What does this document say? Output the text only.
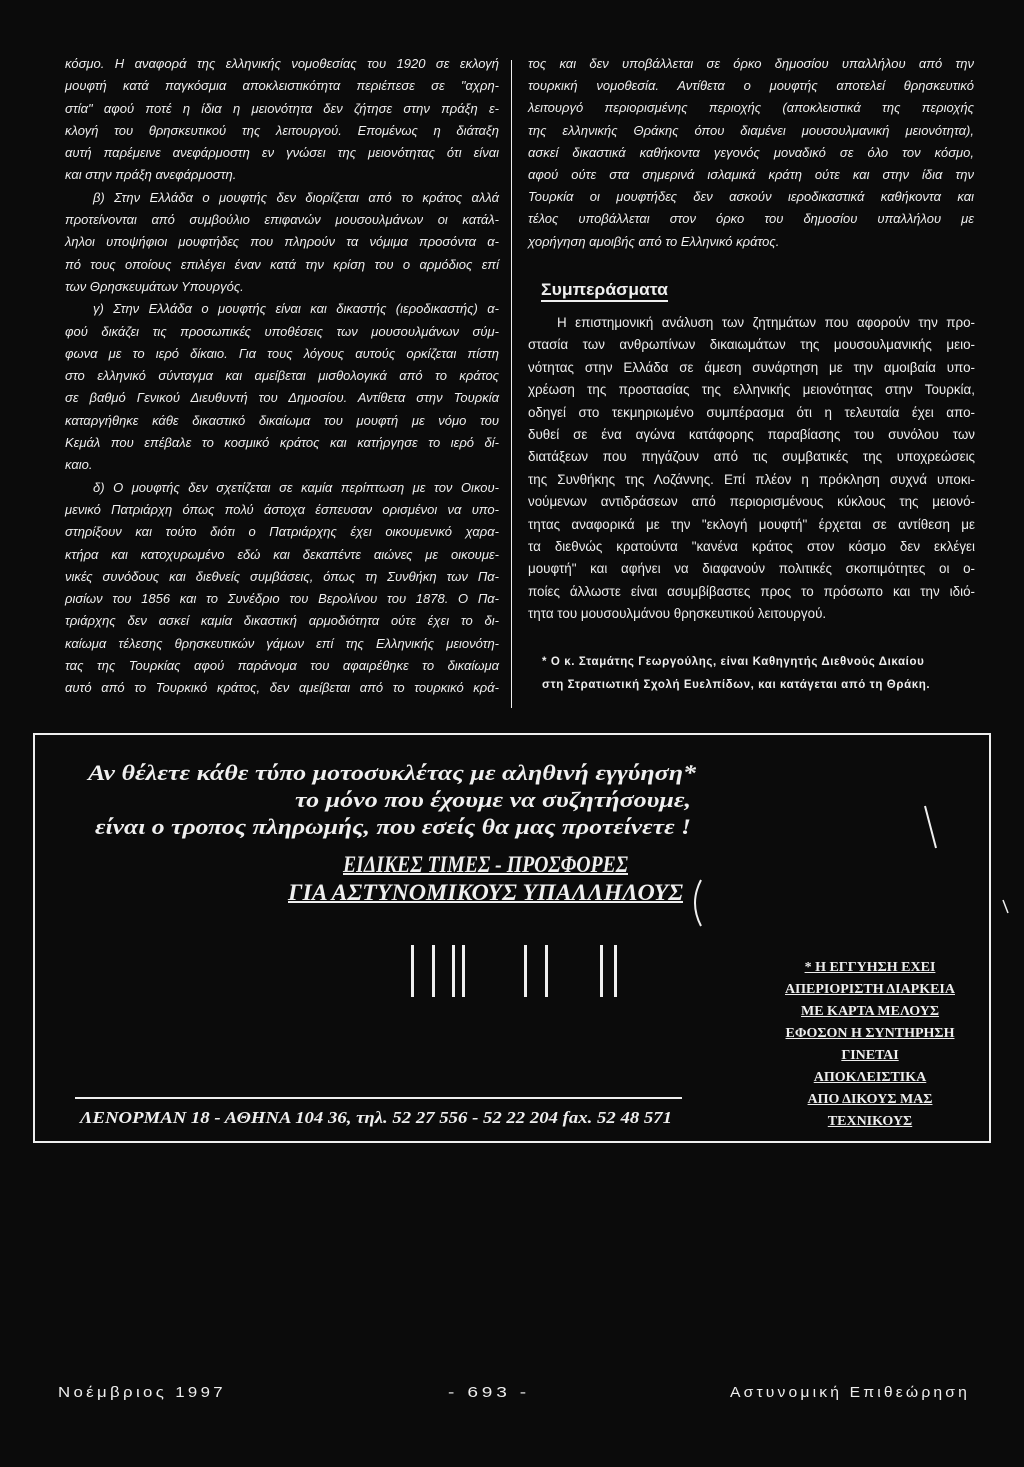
κόσμο. Η αναφορά της ελληνικής νομοθεσίας του 1920 σε εκλογή
μουφτή κατά παγκόσμια αποκλειστικότητα περιέπεσε σε "αχρη-
στία" αφού ποτέ η ίδια η μειονότητα δεν ζήτησε στην πράξη ε-
κλογή του θρησκευτικού της λειτουργού. Επομένως η διάταξη
αυτή παρέμεινε ανεφάρμοστη εν γνώσει της μειονότητας ότι είναι
και στην πράξη ανεφάρμοστη.
β) Στην Ελλάδα ο μουφτής δεν διορίζεται από το κράτος αλλά
προτείνονται από συμβούλιο επιφανών μουσουλμάνων οι κατάλ-
ληλοι υποψήφιοι μουφτήδες που πληρούν τα νόμιμα προσόντα α-
πό τους οποίους επιλέγει έναν κατά την κρίση του ο αρμόδιος επί
των Θρησκευμάτων Υπουργός.
γ) Στην Ελλάδα ο μουφτής είναι και δικαστής (ιεροδικαστής) α-
φού δικάζει τις προσωπικές υποθέσεις των μουσουλμάνων σύμ-
φωνα με το ιερό δίκαιο. Για τους λόγους αυτούς ορκίζεται πίστη
στο ελληνικό σύνταγμα και αμείβεται μισθολογικά από το κράτος
σε βαθμό Γενικού Διευθυντή του Δημοσίου. Αντίθετα στην Τουρκία
καταργήθηκε κάθε δικαστικό δικαίωμα του μουφτή με νόμο του
Κεμάλ που επέβαλε το κοσμικό κράτος και κατήργησε το ιερό δί-
καιο.
δ) Ο μουφτής δεν σχετίζεται σε καμία περίπτωση με τον Οικου-
μενικό Πατριάρχη όπως πολύ άστοχα έσπευσαν ορισμένοι να υπο-
στηρίξουν και τούτο διότι ο Πατριάρχης έχει οικουμενικό χαρα-
κτήρα και κατοχυρωμένο εδώ και δεκαπέντε αιώνες με οικουμε-
νικές συνόδους και διεθνείς συμβάσεις, όπως τη Συνθήκη των Πα-
ρισίων του 1856 και το Συνέδριο του Βερολίνου του 1878. Ο Πα-
τριάρχης δεν ασκεί καμία δικαστική αρμοδιότητα ούτε έχει το δι-
καίωμα τέλεσης θρησκευτικών γάμων επί της Ελληνικής μειονότη-
τας της Τουρκίας αφού παράνομα του αφαιρέθηκε το δικαίωμα
αυτό από το Τουρκικό κράτος, δεν αμείβεται από το τουρκικό κρά-
τος και δεν υποβάλλεται σε όρκο δημοσίου υπαλλήλου από την
τουρκική νομοθεσία. Αντίθετα ο μουφτής αποτελεί θρησκευτικό
λειτουργό περιορισμένης περιοχής (αποκλειστικά της περιοχής
της ελληνικής Θράκης όπου διαμένει μουσουλμανική μειονότητα),
ασκεί δικαστικά καθήκοντα γεγονός μοναδικό σε όλο τον κόσμο,
αφού ούτε στα σημερινά ισλαμικά κράτη ούτε και στην ίδια την
Τουρκία οι μουφτήδες δεν ασκούν ιεροδικαστικά καθήκοντα και
τέλος υποβάλλεται στον όρκο του δημοσίου υπαλλήλου με
χορήγηση αμοιβής από το Ελληνικό κράτος.
Συμπεράσματα
Η επιστημονική ανάλυση των ζητημάτων που αφορούν την προ-
στασία των ανθρωπίνων δικαιωμάτων της μουσουλμανικής μειο-
νότητας στην Ελλάδα σε άμεση συνάρτηση με την αμοιβαία υπο-
χρέωση της προστασίας της ελληνικής μειονότητας στην Τουρκία,
οδηγεί στο τεκμηριωμένο συμπέρασμα ότι η τελευταία έχει απο-
δυθεί σε ένα αγώνα κατάφορης παραβίασης του συνόλου των
διατάξεων που πηγάζουν από τις συμβατικές της υποχρεώσεις
της Συνθήκης της Λοζάννης. Επί πλέον η πρόκληση συχνά υποκι-
νούμενων αντιδράσεων από περιορισμένους κύκλους της μειονό-
τητας αναφορικά με την "εκλογή μουφτή" έρχεται σε αντίθεση με
τα διεθνώς κρατούντα "κανένα κράτος στον κόσμο δεν εκλέγει
μουφτή" και αφήνει να διαφανούν πολιτικές σκοπιμότητες οι ο-
ποίες άλλωστε είναι ασυμβίβαστες προς το πρόσωπο και την ιδιό-
τητα του μουσουλμάνου θρησκευτικού λειτουργού.
* Ο κ. Σταμάτης Γεωργούλης, είναι Καθηγητής Διεθνούς Δικαίου
στη Στρατιωτική Σχολή Ευελπίδων, και κατάγεται από τη Θράκη.
Αν θέλετε κάθε τύπο μοτοσυκλέτας με αληθινή εγγύηση*
το μόνο που έχουμε να συζητήσουμε,
είναι ο τροπος πληρωμής, που εσείς θα μας προτείνετε !
ΕΙΔΙΚΕΣ ΤΙΜΕΣ - ΠΡΟΣΦΟΡΕΣ
ΓΙΑ ΑΣΤΥΝΟΜΙΚΟΥΣ ΥΠΑΛΛΗΛΟΥΣ
* Η ΕΓΓΥΗΣΗ ΕΧΕΙ
ΑΠΕΡΙΟΡΙΣΤΗ ΔΙΑΡΚΕΙΑ
ΜΕ ΚΑΡΤΑ ΜΕΛΟΥΣ
ΕΦΟΣΟΝ Η ΣΥΝΤΗΡΗΣΗ
ΓΙΝΕΤΑΙ
ΑΠΟΚΛΕΙΣΤΙΚΑ
ΑΠΟ ΔΙΚΟΥΣ ΜΑΣ
ΤΕΧΝΙΚΟΥΣ
ΛΕΝΟΡΜΑΝ 18 - ΑΘΗΝΑ 104 36, τηλ. 52 27 556 - 52 22 204 fax. 52 48 571
Νοέμβριος 1997	- 693 -	Αστυνομική Επιθεώρηση
